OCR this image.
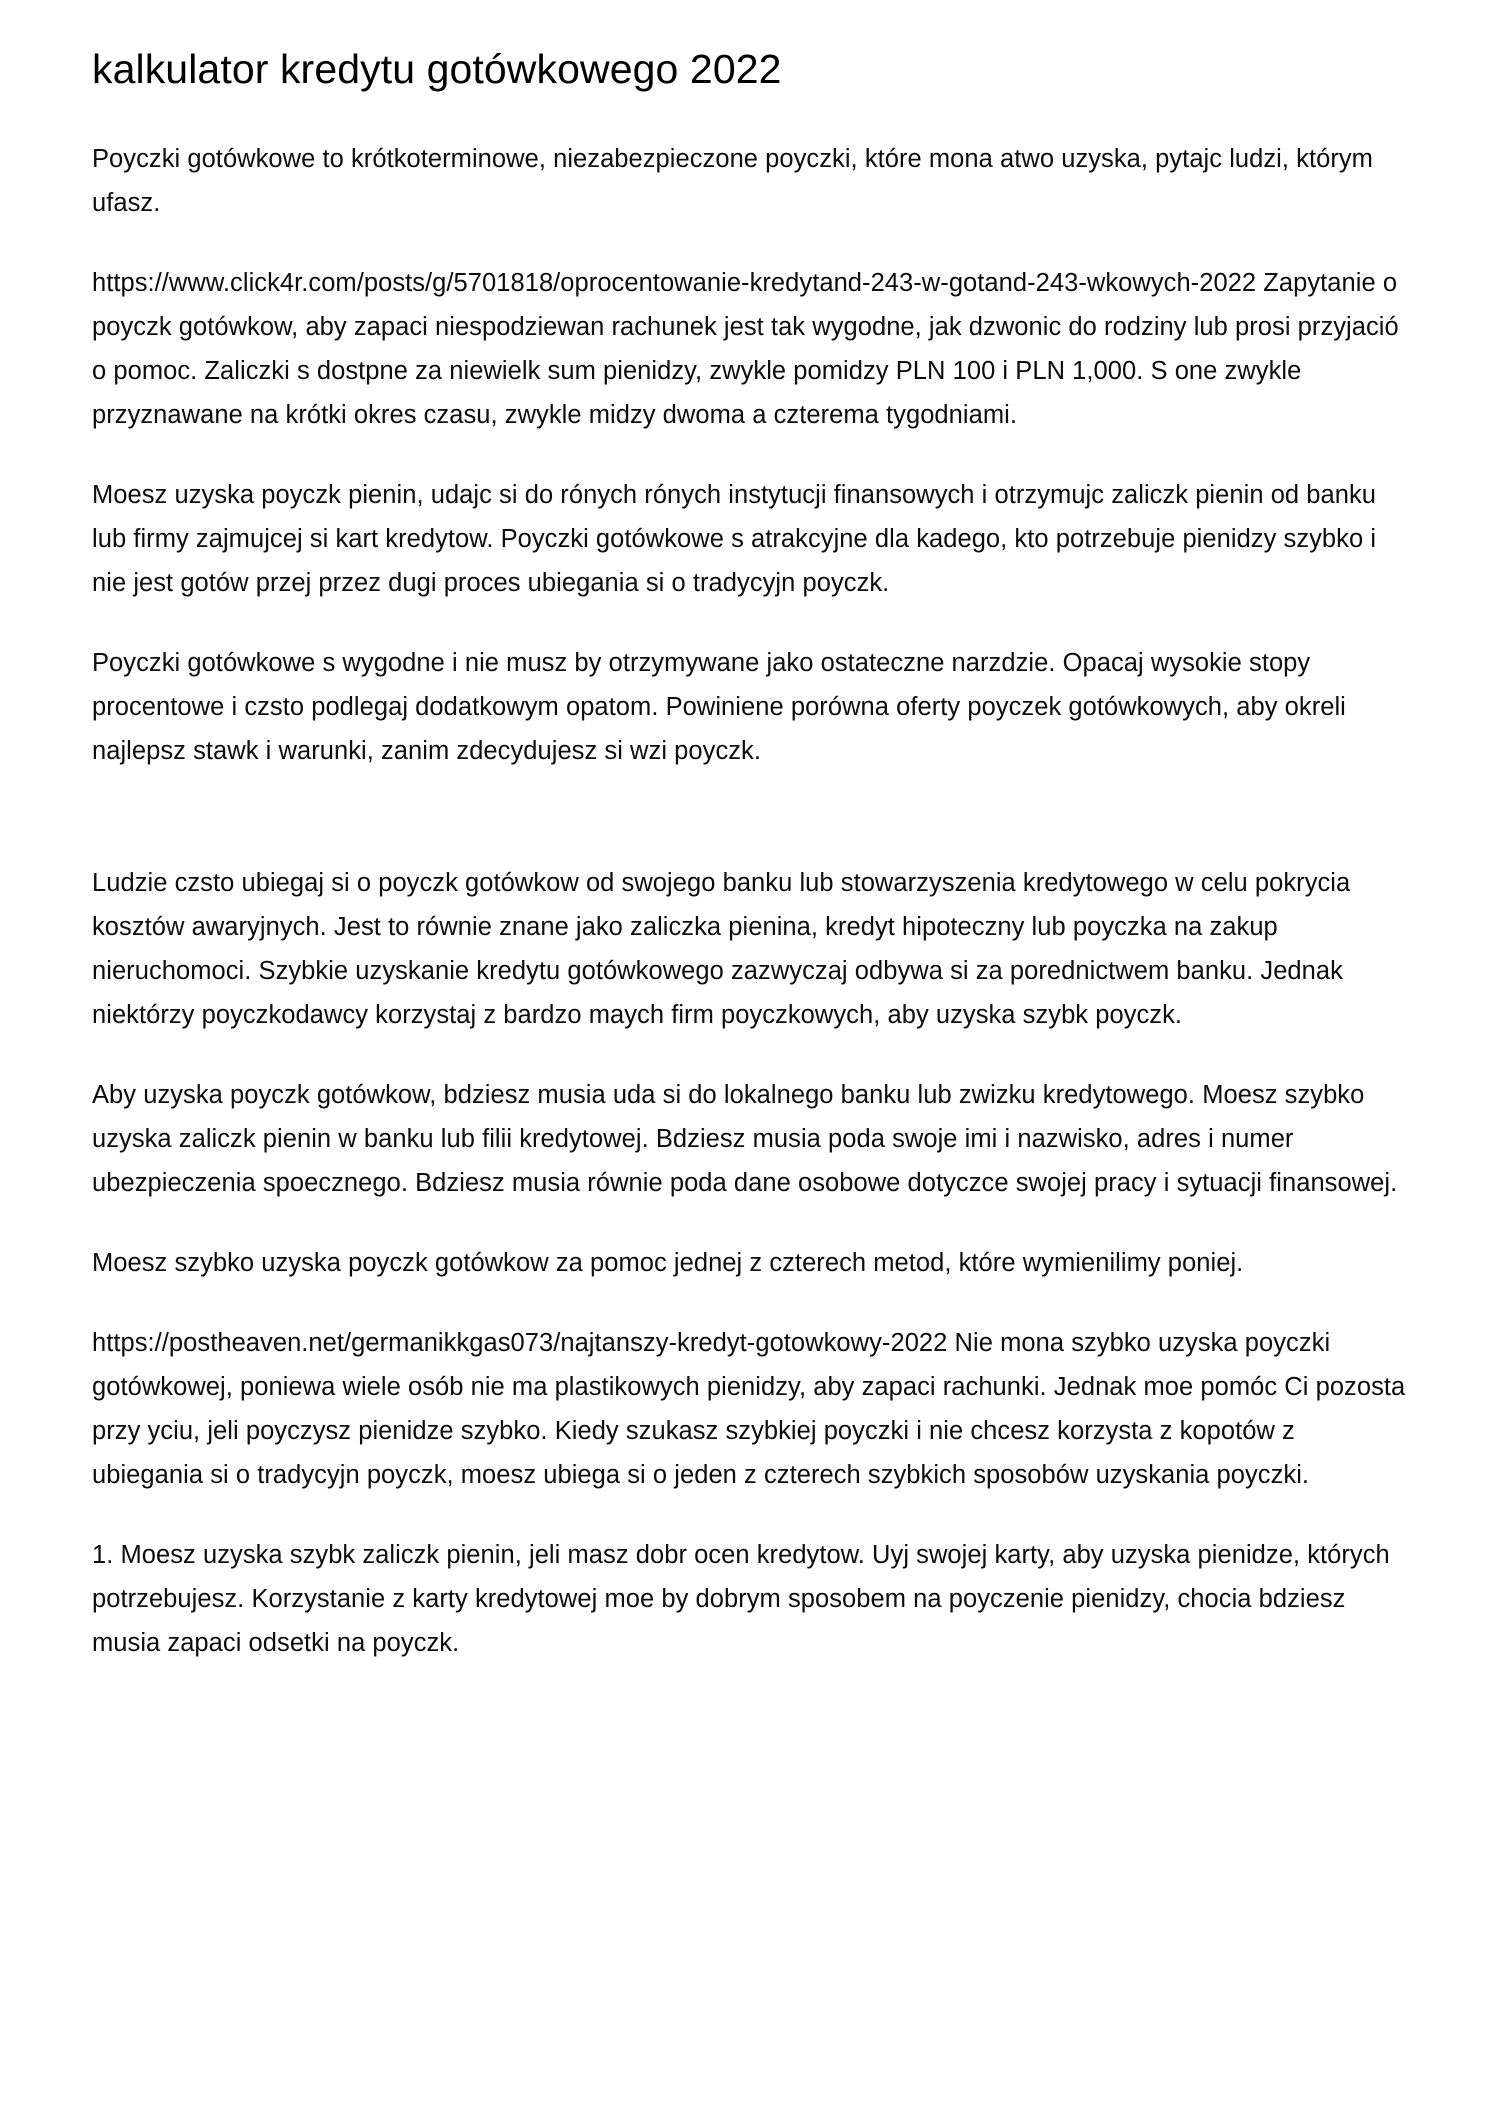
kalkulator kredytu gotówkowego 2022

Poyczki gotówkowe to krótkoterminowe, niezabezpieczone poyczki, które mona atwo uzyska, pytajc ludzi, którym ufasz.

https://www.click4r.com/posts/g/5701818/oprocentowanie-kredytand-243-w-gotand-243-wkowych-2022 Zapytanie o poyczk gotówkow, aby zapaci niespodziewan rachunek jest tak wygodne, jak dzwonic do rodziny lub prosi przyjació o pomoc. Zaliczki s dostpne za niewielk sum pienidzy, zwykle pomidzy PLN 100 i PLN 1,000. S one zwykle przyznawane na krótki okres czasu, zwykle midzy dwoma a czterema tygodniami.

Moesz uzyska poyczk pienin, udajc si do rónych rónych instytucji finansowych i otrzymujc zaliczk pienin od banku lub firmy zajmujcej si kart kredytow. Poyczki gotówkowe s atrakcyjne dla kadego, kto potrzebuje pienidzy szybko i nie jest gotów przej przez dugi proces ubiegania si o tradycyjn poyczk.

Poyczki gotówkowe s wygodne i nie musz by otrzymywane jako ostateczne narzdzie. Opacaj wysokie stopy procentowe i czsto podlegaj dodatkowym opatom. Powiniene porówna oferty poyczek gotówkowych, aby okreli najlepsz stawk i warunki, zanim zdecydujesz si wzi poyczk.

Ludzie czsto ubiegaj si o poyczk gotówkow od swojego banku lub stowarzyszenia kredytowego w celu pokrycia kosztów awaryjnych. Jest to równie znane jako zaliczka pienina, kredyt hipoteczny lub poyczka na zakup nieruchomoci. Szybkie uzyskanie kredytu gotówkowego zazwyczaj odbywa si za porednictwem banku. Jednak niektórzy poyczkodawcy korzystaj z bardzo maych firm poyczkowych, aby uzyska szybk poyczk.

Aby uzyska poyczk gotówkow, bdziesz musia uda si do lokalnego banku lub zwizku kredytowego. Moesz szybko uzyska zaliczk pienin w banku lub filii kredytowej. Bdziesz musia poda swoje imi i nazwisko, adres i numer ubezpieczenia spoecznego. Bdziesz musia równie poda dane osobowe dotyczce swojej pracy i sytuacji finansowej.

Moesz szybko uzyska poyczk gotówkow za pomoc jednej z czterech metod, które wymienilimy poniej.

https://postheaven.net/germanikkgas073/najtanszy-kredyt-gotowkowy-2022 Nie mona szybko uzyska poyczki gotówkowej, poniewa wiele osób nie ma plastikowych pienidzy, aby zapaci rachunki. Jednak moe pomóc Ci pozosta przy yciu, jeli poyczysz pienidze szybko. Kiedy szukasz szybkiej poyczki i nie chcesz korzysta z kopotów z ubiegania si o tradycyjn poyczk, moesz ubiega si o jeden z czterech szybkich sposobów uzyskania poyczki.

1. Moesz uzyska szybk zaliczk pienin, jeli masz dobr ocen kredytow. Uyj swojej karty, aby uzyska pienidze, których potrzebujesz. Korzystanie z karty kredytowej moe by dobrym sposobem na poyczenie pienidzy, chocia bdziesz musia zapaci odsetki na poyczk.
